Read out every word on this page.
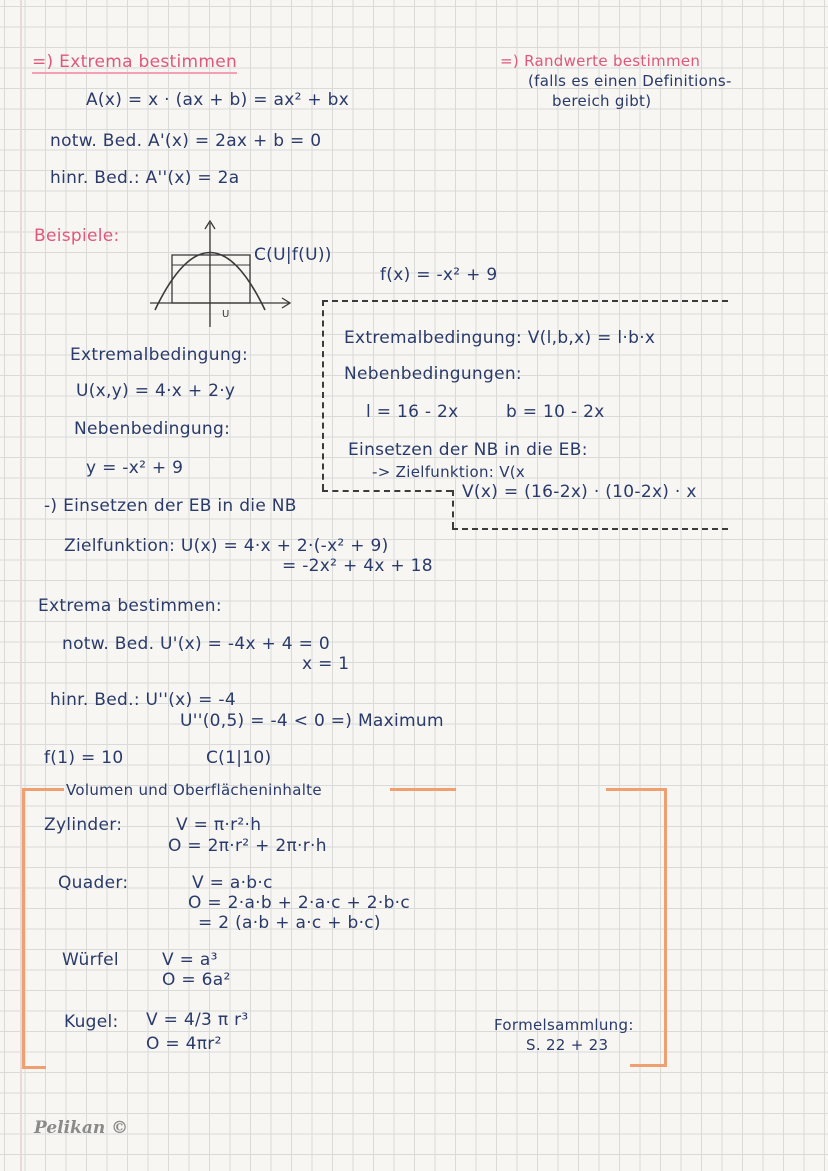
=) Extrema bestimmen
A(x) = x · (ax + b) = ax² + bx
notw. Bed. A'(x) = 2ax + b = 0
hinr. Bed.: A''(x) = 2a
=) Randwerte bestimmen
(falls es einen Definitions-
bereich gibt)
Beispiele:
U
C(U|f(U))
f(x) = -x² + 9
Extremalbedingung: V(l,b,x) = l·b·x
Nebenbedingungen:
l = 16 - 2x	b = 10 - 2x
Einsetzen der NB in die EB:
-> Zielfunktion: V(x
V(x) = (16-2x) · (10-2x) · x
Extremalbedingung:
U(x,y) = 4·x + 2·y
Nebenbedingung:
y = -x² + 9
-) Einsetzen der EB in die NB
Zielfunktion: U(x) = 4·x + 2·(-x² + 9)
= -2x² + 4x + 18
Extrema bestimmen:
notw. Bed. U'(x) = -4x + 4 = 0
x = 1
hinr. Bed.: U''(x) = -4
U''(0,5) = -4 < 0 =) Maximum
f(1) = 10	C(1|10)
Volumen und Oberflächeninhalte
Zylinder:	V = π·r²·h
O = 2π·r² + 2π·r·h
Quader:	V = a·b·c
O = 2·a·b + 2·a·c + 2·b·c
= 2 (a·b + a·c + b·c)
Würfel	V = a³
O = 6a²
Kugel: V = 4/3 π r³
O = 4πr²
Formelsammlung:
S. 22 + 23
Pelikan ©
